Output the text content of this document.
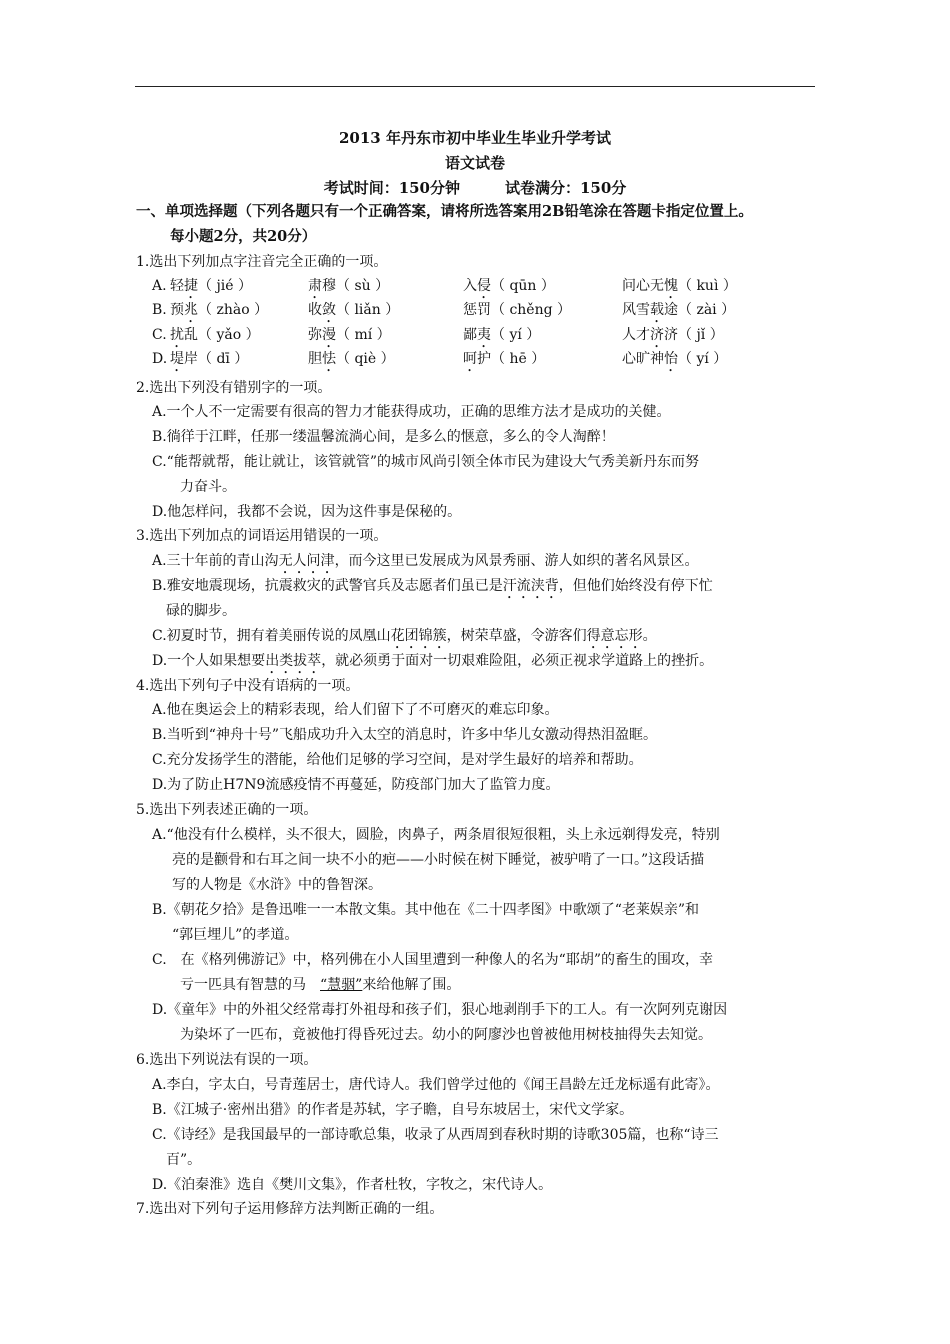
2013 年丹东市初中毕业生毕业升学考试
语文试卷
考试时间：150分钟　　　试卷满分：150分
一、单项选择题（下列各题只有一个正确答案，请将所选答案用2B铅笔涂在答题卡指定位置上。
每小题2分，共20分）
1.选出下列加点字注音完全正确的一项。
A. 轻捷（ jié ）	肃穆（ sù ）	入侵（ qūn ）	问心无愧（ kuì ）
B. 预兆（ zhào ）	收敛（ liǎn ）	惩罚（ chěng ）	风雪载途（ zài ）
C. 扰乱（ yǎo ）	弥漫（ mí ）	鄙夷（ yí ）	人才济济（ jǐ ）
D. 堤岸（ dī ）	胆怯（ qiè ）	呵护（ hē ）	心旷神怡（ yí ）
2.选出下列没有错别字的一项。
A.一个人不一定需要有很高的智力才能获得成功，正确的思维方法才是成功的关健。
B.徜徉于江畔，任那一缕温馨流淌心间，是多么的惬意，多么的令人淘醉！
C.“能帮就帮，能让就让，该管就管”的城市风尚引领全体市民为建设大气秀美新丹东而努
力奋斗。
D.他怎样问，我都不会说，因为这件事是保秘的。
3.选出下列加点的词语运用错误的一项。
A.三十年前的青山沟无人问津，而今这里已发展成为风景秀丽、游人如织的著名风景区。
B.雅安地震现场，抗震救灾的武警官兵及志愿者们虽已是汗流浃背，但他们始终没有停下忙
碌的脚步。
C.初夏时节，拥有着美丽传说的凤凰山花团锦簇，树荣草盛，令游客们得意忘形。
D.一个人如果想要出类拔萃，就必须勇于面对一切艰难险阻，必须正视求学道路上的挫折。
4.选出下列句子中没有语病的一项。
A.他在奥运会上的精彩表现，给人们留下了不可磨灭的难忘印象。
B.当听到“神舟十号”飞船成功升入太空的消息时，许多中华儿女激动得热泪盈眶。
C.充分发扬学生的潜能，给他们足够的学习空间，是对学生最好的培养和帮助。
D.为了防止H7N9流感疫情不再蔓延，防疫部门加大了监管力度。
5.选出下列表述正确的一项。
A.“他没有什么模样，头不很大，圆脸，肉鼻子，两条眉很短很粗，头上永远剃得发亮，特别
亮的是颧骨和右耳之间一块不小的疤——小时候在树下睡觉，被驴啃了一口。”这段话描
写的人物是《水浒》中的鲁智深。
B.《朝花夕拾》是鲁迅唯一一本散文集。其中他在《二十四孝图》中歌颂了“老莱娱亲”和
“郭巨埋儿”的孝道。
C.　在《格列佛游记》中，格列佛在小人国里遭到一种像人的名为“耶胡”的畜生的围攻，幸
亏一匹具有智慧的马　“慧骃”来给他解了围。
D.《童年》中的外祖父经常毒打外祖母和孩子们，狠心地剥削手下的工人。有一次阿列克谢因
为染坏了一匹布，竟被他打得昏死过去。幼小的阿廖沙也曾被他用树枝抽得失去知觉。
6.选出下列说法有误的一项。
A.李白，字太白，号青莲居士，唐代诗人。我们曾学过他的《闻王昌龄左迁龙标遥有此寄》。
B.《江城子·密州出猎》的作者是苏轼，字子瞻，自号东坡居士，宋代文学家。
C.《诗经》是我国最早的一部诗歌总集，收录了从西周到春秋时期的诗歌305篇，也称“诗三
百”。
D.《泊秦淮》选自《樊川文集》，作者杜牧，字牧之，宋代诗人。
7.选出对下列句子运用修辞方法判断正确的一组。
